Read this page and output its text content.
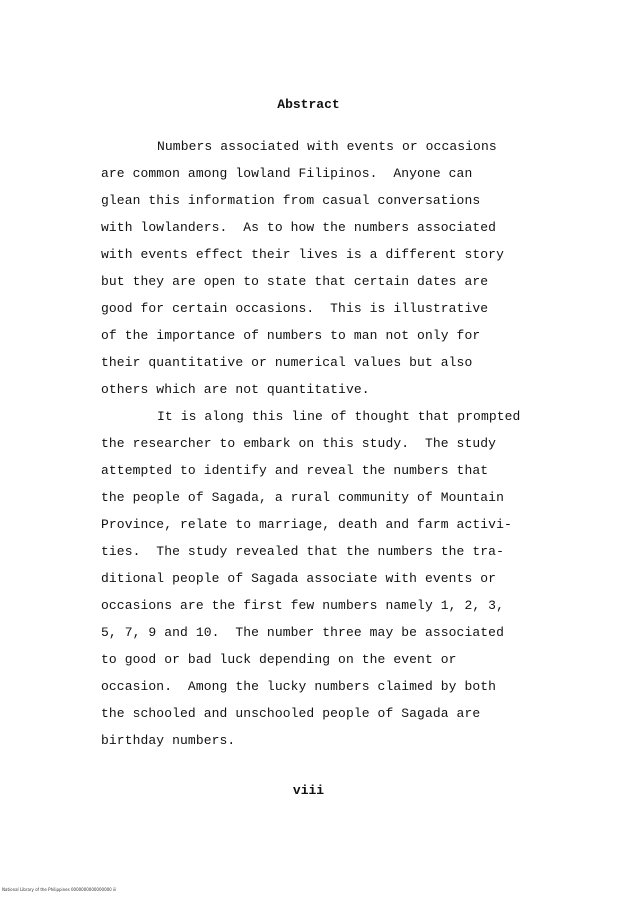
Abstract

Numbers associated with events or occasions

are common among lowland Filipinos.  Anyone can

glean this information from casual conversations

with lowlanders.  As to how the numbers associated

with events effect their lives is a different story

but they are open to state that certain dates are

good for certain occasions.  This is illustrative

of the importance of numbers to man not only for

their quantitative or numerical values but also

others which are not quantitative.

It is along this line of thought that prompted

the researcher to embark on this study.  The study

attempted to identify and reveal the numbers that

the people of Sagada, a rural community of Mountain

Province, relate to marriage, death and farm activi-

ties.  The study revealed that the numbers the tra-

ditional people of Sagada associate with events or

occasions are the first few numbers namely 1, 2, 3,

5, 7, 9 and 10.  The number three may be associated

to good or bad luck depending on the event or

occasion.  Among the lucky numbers claimed by both

the schooled and unschooled people of Sagada are

birthday numbers.

viii
National Library of the Philippines 0000000000000000 iii
